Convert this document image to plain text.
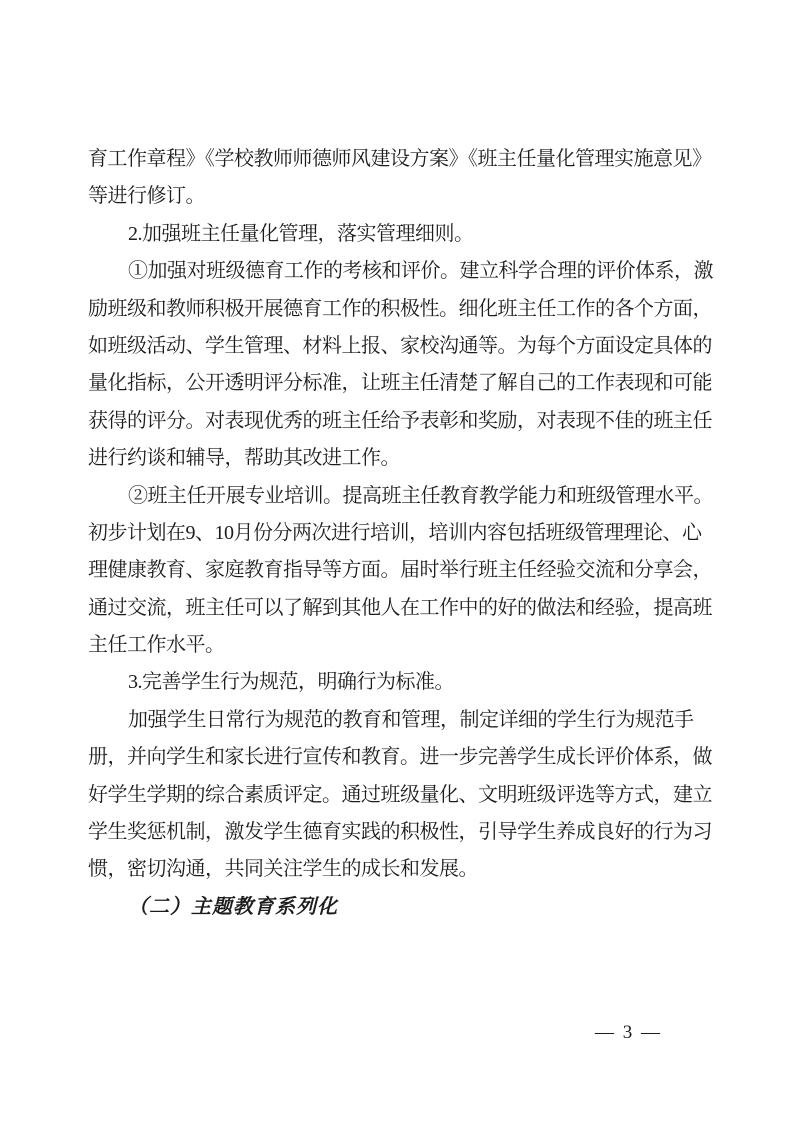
育工作章程》《学校教师师德师风建设方案》《班主任量化管理实施意见》
等进行修订。
2.加强班主任量化管理，落实管理细则。
①加强对班级德育工作的考核和评价。建立科学合理的评价体系，激
励班级和教师积极开展德育工作的积极性。细化班主任工作的各个方面，
如班级活动、学生管理、材料上报、家校沟通等。为每个方面设定具体的
量化指标，公开透明评分标准，让班主任清楚了解自己的工作表现和可能
获得的评分。对表现优秀的班主任给予表彰和奖励，对表现不佳的班主任
进行约谈和辅导，帮助其改进工作。
②班主任开展专业培训。提高班主任教育教学能力和班级管理水平。
初步计划在9、10月份分两次进行培训，培训内容包括班级管理理论、心
理健康教育、家庭教育指导等方面。届时举行班主任经验交流和分享会，
通过交流，班主任可以了解到其他人在工作中的好的做法和经验，提高班
主任工作水平。
3.完善学生行为规范，明确行为标准。
加强学生日常行为规范的教育和管理，制定详细的学生行为规范手
册，并向学生和家长进行宣传和教育。进一步完善学生成长评价体系，做
好学生学期的综合素质评定。通过班级量化、文明班级评选等方式，建立
学生奖惩机制，激发学生德育实践的积极性，引导学生养成良好的行为习
惯，密切沟通，共同关注学生的成长和发展。
（二）主题教育系列化
— 3 —
